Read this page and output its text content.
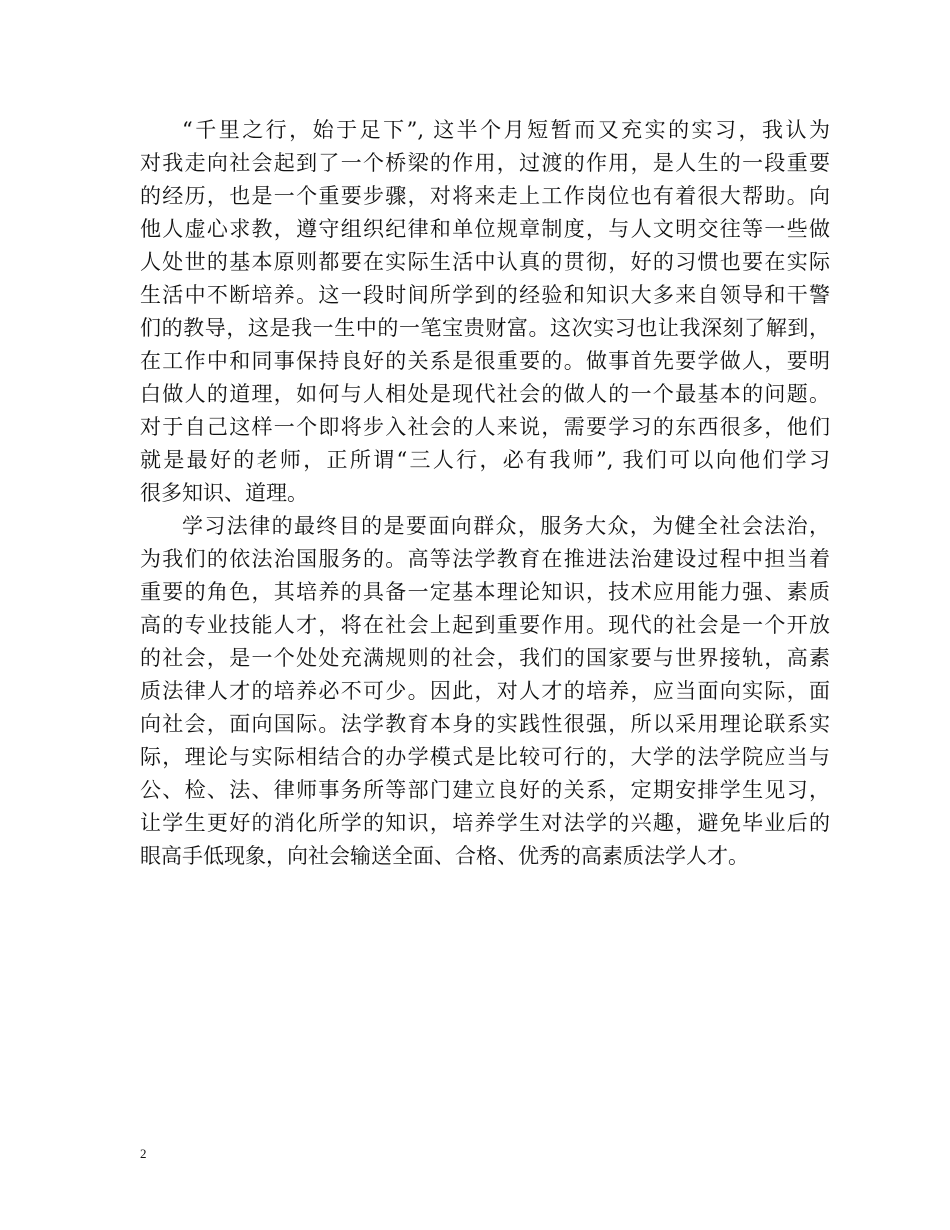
“千里之行，始于足下”, 这半个月短暂而又充实的实习，我认为
对我走向社会起到了一个桥梁的作用，过渡的作用，是人生的一段重要
的经历，也是一个重要步骤，对将来走上工作岗位也有着很大帮助。向
他人虚心求教，遵守组织纪律和单位规章制度，与人文明交往等一些做
人处世的基本原则都要在实际生活中认真的贯彻，好的习惯也要在实际
生活中不断培养。这一段时间所学到的经验和知识大多来自领导和干警
们的教导，这是我一生中的一笔宝贵财富。这次实习也让我深刻了解到，
在工作中和同事保持良好的关系是很重要的。做事首先要学做人，要明
白做人的道理，如何与人相处是现代社会的做人的一个最基本的问题。
对于自己这样一个即将步入社会的人来说，需要学习的东西很多，他们
就是最好的老师，正所谓“三人行，必有我师”, 我们可以向他们学习
很多知识、道理。
学习法律的最终目的是要面向群众，服务大众，为健全社会法治，
为我们的依法治国服务的。高等法学教育在推进法治建设过程中担当着
重要的角色，其培养的具备一定基本理论知识，技术应用能力强、素质
高的专业技能人才，将在社会上起到重要作用。现代的社会是一个开放
的社会，是一个处处充满规则的社会，我们的国家要与世界接轨，高素
质法律人才的培养必不可少。因此，对人才的培养，应当面向实际，面
向社会，面向国际。法学教育本身的实践性很强，所以采用理论联系实
际，理论与实际相结合的办学模式是比较可行的，大学的法学院应当与
公、检、法、律师事务所等部门建立良好的关系，定期安排学生见习，
让学生更好的消化所学的知识，培养学生对法学的兴趣，避免毕业后的
眼高手低现象，向社会输送全面、合格、优秀的高素质法学人才。
2
